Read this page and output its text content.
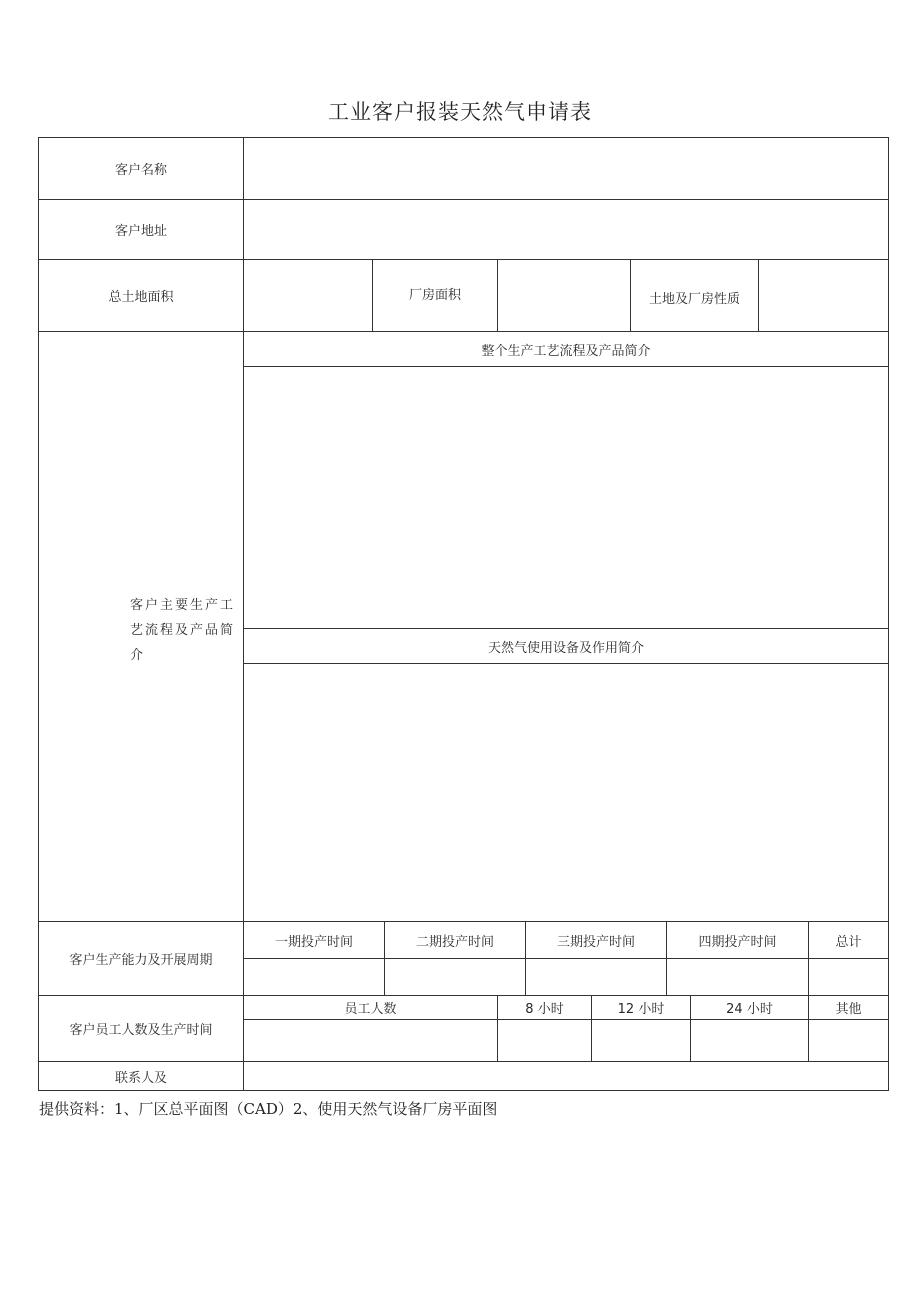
工业客户报装天然气申请表
客户名称
客户地址
总土地面积	厂房面积	土地及厂房性质
客户主要生产工艺流程及产品简介
整个生产工艺流程及产品简介
天然气使用设备及作用简介
客户生产能力及开展周期
一期投产时间	二期投产时间	三期投产时间	四期投产时间	总计
客户员工人数及生产时间
员工人数	8 小时	12 小时	24 小时	其他
联系人及
提供资料：1、厂区总平面图（CAD）2、使用天然气设备厂房平面图
